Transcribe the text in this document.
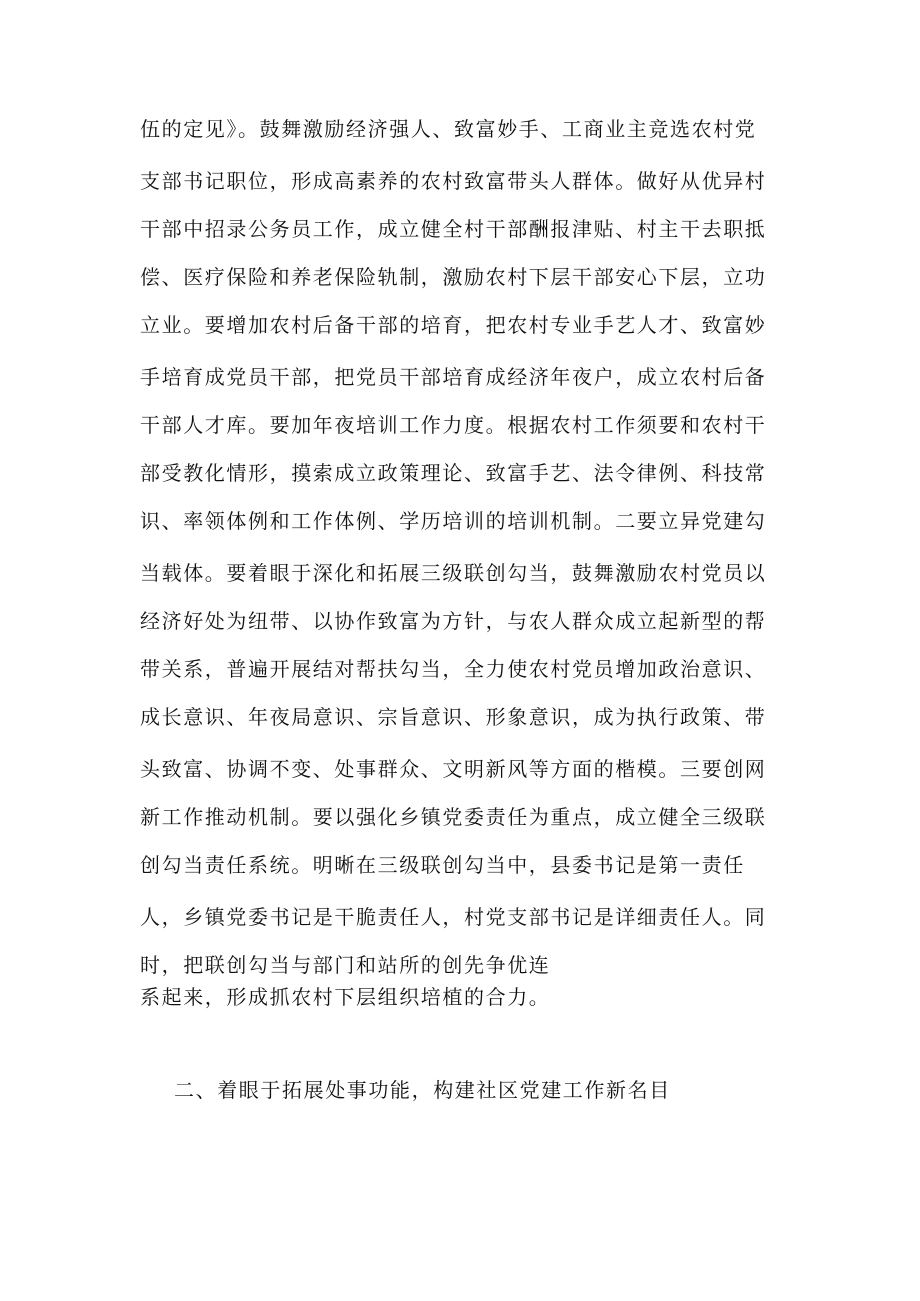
伍的定见》。鼓舞激励经济强人、致富妙手、工商业主竞选农村党
支部书记职位，形成高素养的农村致富带头人群体。做好从优异村
干部中招录公务员工作，成立健全村干部酬报津贴、村主干去职抵
偿、医疗保险和养老保险轨制，激励农村下层干部安心下层，立功
立业。要增加农村后备干部的培育，把农村专业手艺人才、致富妙
手培育成党员干部，把党员干部培育成经济年夜户，成立农村后备
干部人才库。要加年夜培训工作力度。根据农村工作须要和农村干
部受教化情形，摸索成立政策理论、致富手艺、法令律例、科技常
识、率领体例和工作体例、学历培训的培训机制。二要立异党建勾
当载体。要着眼于深化和拓展三级联创勾当，鼓舞激励农村党员以
经济好处为纽带、以协作致富为方针，与农人群众成立起新型的帮
带关系，普遍开展结对帮扶勾当，全力使农村党员增加政治意识、
成长意识、年夜局意识、宗旨意识、形象意识，成为执行政策、带
头致富、协调不变、处事群众、文明新风等方面的楷模。三要创网
新工作推动机制。要以强化乡镇党委责任为重点，成立健全三级联
创勾当责任系统。明晰在三级联创勾当中，县委书记是第一责任
人，乡镇党委书记是干脆责任人，村党支部书记是详细责任人。同
时，把联创勾当与部门和站所的创先争优连
系起来，形成抓农村下层组织培植的合力。
二、着眼于拓展处事功能，构建社区党建工作新名目
